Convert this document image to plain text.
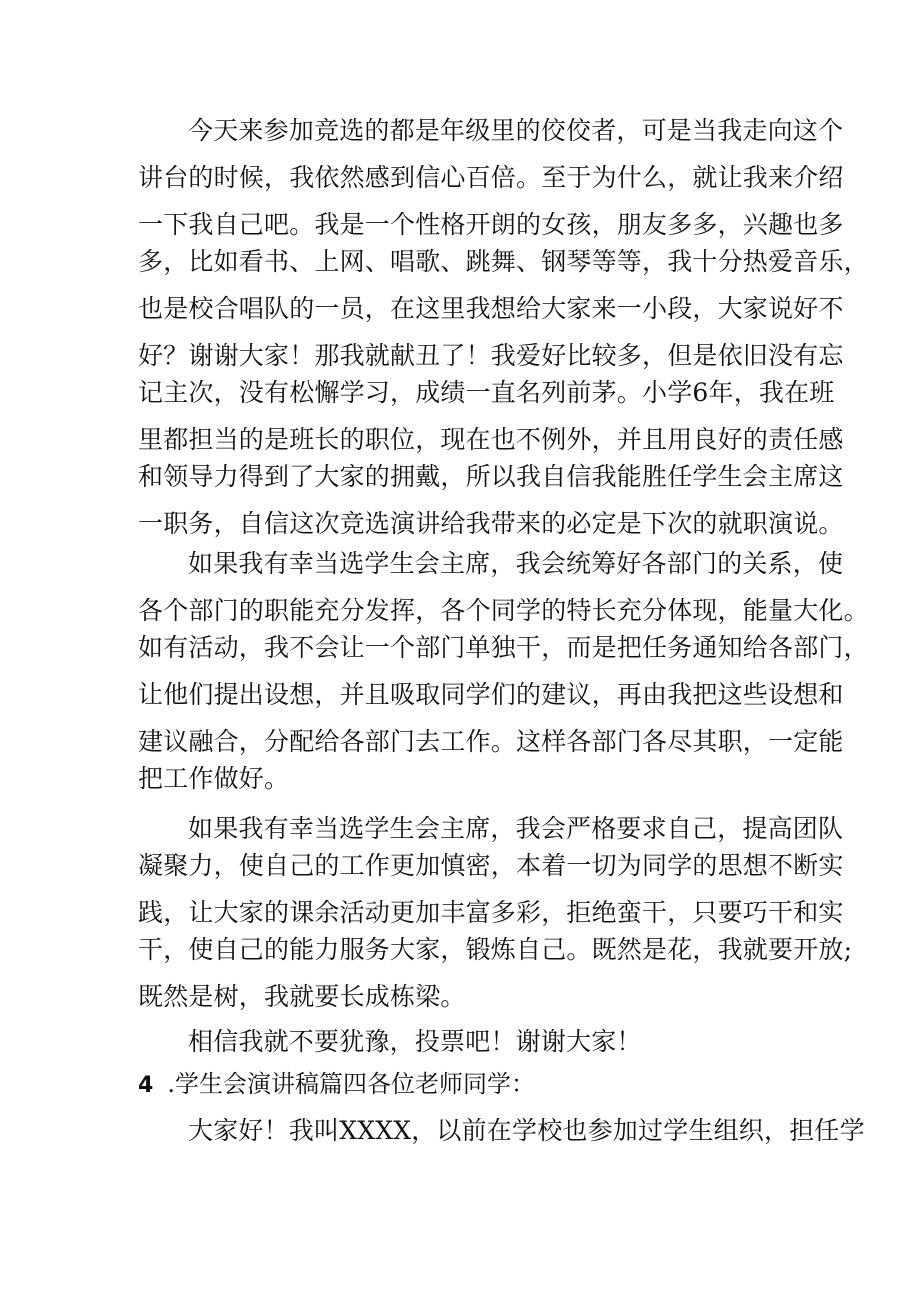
今天来参加竞选的都是年级里的佼佼者，可是当我走向这个
讲台的时候，我依然感到信心百倍。至于为什么，就让我来介绍
一下我自己吧。我是一个性格开朗的女孩，朋友多多，兴趣也多
多，比如看书、上网、唱歌、跳舞、钢琴等等，我十分热爱音乐，
也是校合唱队的一员，在这里我想给大家来一小段，大家说好不
好？谢谢大家！那我就献丑了！我爱好比较多，但是依旧没有忘
记主次，没有松懈学习，成绩一直名列前茅。小学6年，我在班
里都担当的是班长的职位，现在也不例外，并且用良好的责任感
和领导力得到了大家的拥戴，所以我自信我能胜任学生会主席这
一职务，自信这次竞选演讲给我带来的必定是下次的就职演说。
如果我有幸当选学生会主席，我会统筹好各部门的关系，使
各个部门的职能充分发挥，各个同学的特长充分体现，能量大化。
如有活动，我不会让一个部门单独干，而是把任务通知给各部门，
让他们提出设想，并且吸取同学们的建议，再由我把这些设想和
建议融合，分配给各部门去工作。这样各部门各尽其职，一定能
把工作做好。
如果我有幸当选学生会主席，我会严格要求自己，提高团队
凝聚力，使自己的工作更加慎密，本着一切为同学的思想不断实
践，让大家的课余活动更加丰富多彩，拒绝蛮干，只要巧干和实
干，使自己的能力服务大家，锻炼自己。既然是花，我就要开放;
既然是树，我就要长成栋梁。
相信我就不要犹豫，投票吧！谢谢大家！
4 .学生会演讲稿篇四各位老师同学：
大家好！我叫XXXX，以前在学校也参加过学生组织，担任学
